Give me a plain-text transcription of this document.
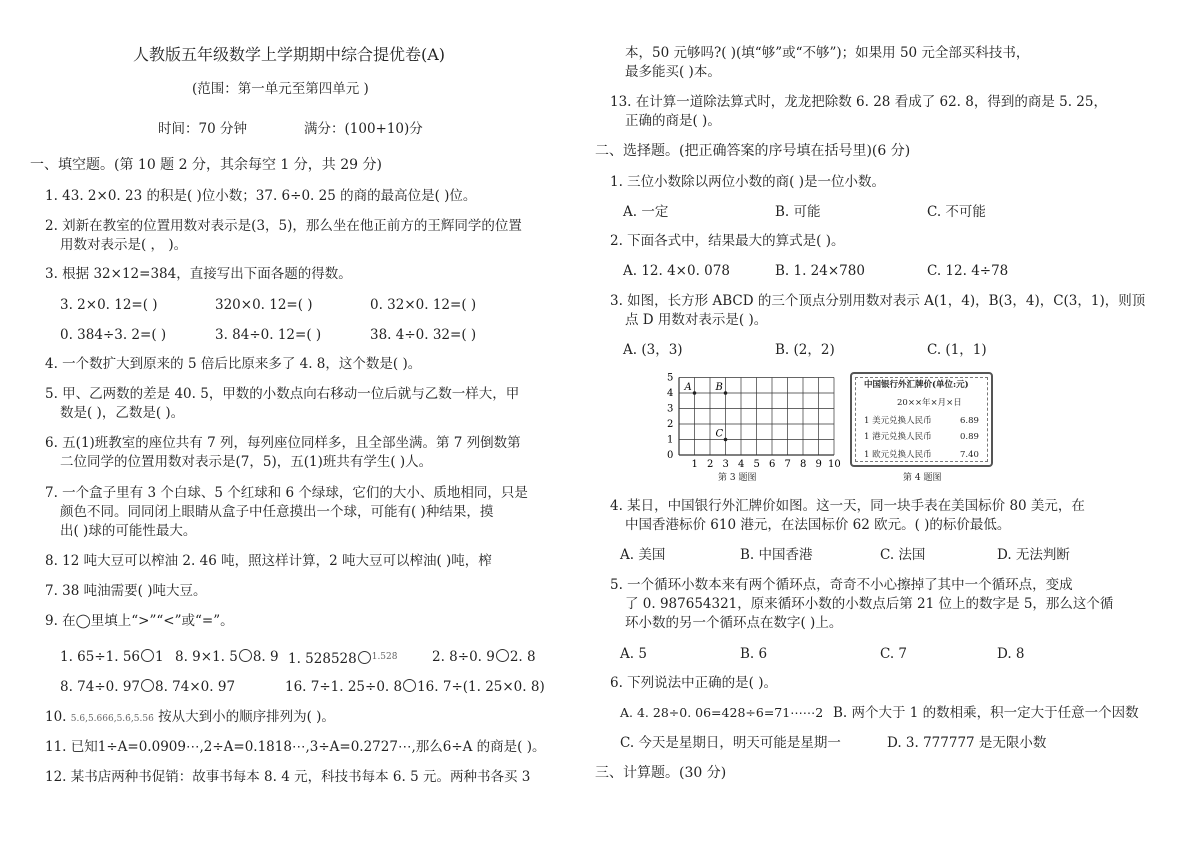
人教版五年级数学上学期期中综合提优卷(A)
(范围：第一单元至第四单元 )
时间：70 分钟	满分：(100+10)分
一、填空题。(第 10 题 2 分，其余每空 1 分，共 29 分)
1. 43. 2×0. 23 的积是( )位小数；37. 6÷0. 25 的商的最高位是( )位。
2. 刘新在教室的位置用数对表示是(3，5)，那么坐在他正前方的王辉同学的位置
用数对表示是( ， )。
3. 根据 32×12=384，直接写出下面各题的得数。
3. 2×0. 12=( )	320×0. 12=( )	0. 32×0. 12=( )
0. 384÷3. 2=( )	3. 84÷0. 12=( )	38. 4÷0. 32=( )
4. 一个数扩大到原来的 5 倍后比原来多了 4. 8，这个数是( )。
5. 甲、乙两数的差是 40. 5，甲数的小数点向右移动一位后就与乙数一样大，甲
数是( )，乙数是( )。
6. 五(1)班教室的座位共有 7 列，每列座位同样多，且全部坐满。第 7 列倒数第
二位同学的位置用数对表示是(7，5)，五(1)班共有学生( )人。
7. 一个盒子里有 3 个白球、5 个红球和 6 个绿球，它们的大小、质地相同，只是
颜色不同。同同闭上眼睛从盒子中任意摸出一个球，可能有( )种结果，摸
出( )球的可能性最大。
8. 12 吨大豆可以榨油 2. 46 吨，照这样计算，2 吨大豆可以榨油( )吨，榨
7. 38 吨油需要( )吨大豆。
9. 在◯里填上“>”“<”或“=”。
1. 65÷1. 56 1 8. 9×1. 5 8. 9 1. 528528 $^{1.528̇}$	2. 8÷0. 9 2. 8
8. 74÷0. 97 8. 74×0. 97	16. 7÷1. 25÷0. 8 16. 7÷(1. 25×0. 8)
10. 5.6,5.666,5.6̇,5.56̇ 按从大到小的顺序排列为( )。
11. 已知1÷A=0.0909⋯,2÷A=0.1818⋯,3÷A=0.2727⋯,那么6÷A 的商是( )。
12. 某书店两种书促销：故事书每本 8. 4 元，科技书每本 6. 5 元。两种书各买 3
本，50 元够吗?( )(填“够”或“不够”)；如果用 50 元全部买科技书，
最多能买( )本。
13. 在计算一道除法算式时，龙龙把除数 6. 28 看成了 62. 8，得到的商是 5. 25，
正确的商是( )。
二、选择题。(把正确答案的序号填在括号里)(6 分)
1. 三位小数除以两位小数的商( )是一位小数。
A. 一定	B. 可能	C. 不可能
2. 下面各式中，结果最大的算式是( )。
A. 12. 4×0. 078	B. 1. 24×780	C. 12. 4÷78
3. 如图，长方形 ABCD 的三个顶点分别用数对表示 A(1，4)，B(3，4)，C(3，1)，则顶
点 D 用数对表示是( )。
A. (3，3)	B. (2，2)	C. (1，1)
4. 某日，中国银行外汇牌价如图。这一天，同一块手表在美国标价 80 美元，在
中国香港标价 610 港元，在法国标价 62 欧元。( )的标价最低。
A. 美国	B. 中国香港	C. 法国	D. 无法判断
5. 一个循环小数本来有两个循环点，奇奇不小心擦掉了其中一个循环点，变成
了 0. 987654321，原来循环小数的小数点后第 21 位上的数字是 5，那么这个循
环小数的另一个循环点在数字( )上。
A. 5	B. 6	C. 7	D. 8
6. 下列说法中正确的是( )。
A. 4. 28÷0. 06=428÷6=71⋯⋯2 B. 两个大于 1 的数相乘，积一定大于任意一个因数
C. 今天是星期日，明天可能是星期一	D. 3. 777777 是无限小数
三、计算题。(30 分)
0
1
2
3
4
5
1 2 3 4 5 6 7 8 9 10
A B
C
第 3 题图
中国银行外汇牌价(单位:元)
20××年×月×日
1 美元兑换人民币	6.89
1 港元兑换人民币	0.89
1 欧元兑换人民币	7.40
第 4 题图
